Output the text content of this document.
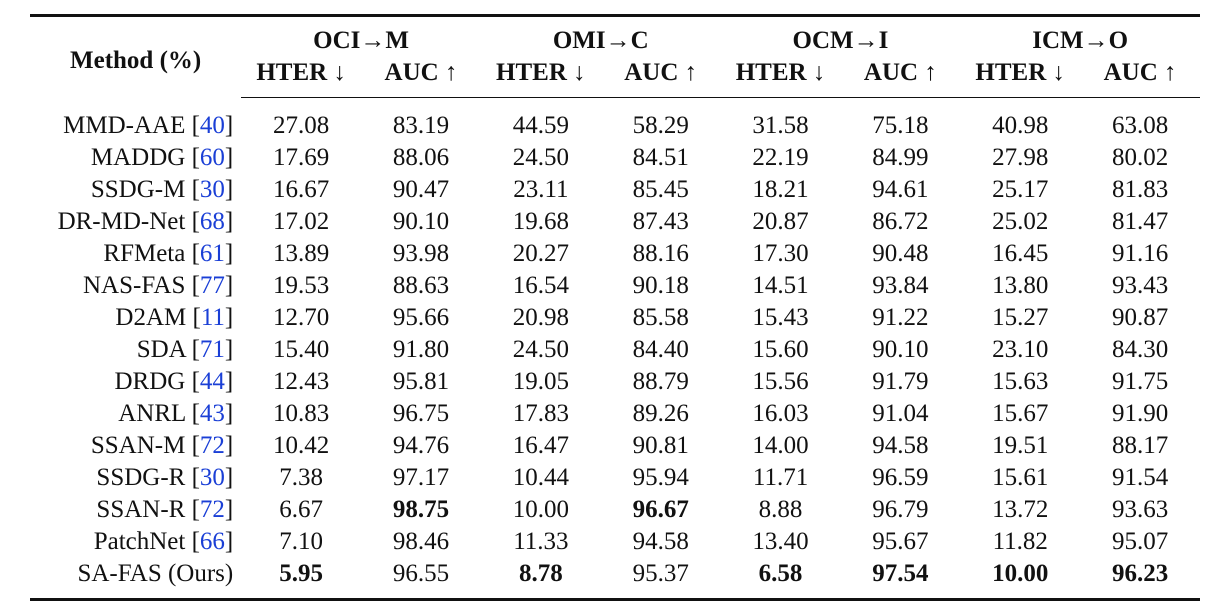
Method (%)	OCI→M		OMI→C		OCM→I		ICM→O	
	HTER ↓	AUC ↑	HTER ↓	AUC ↑	HTER ↓	AUC ↑	HTER ↓	AUC ↑
MMD-AAE [40]	27.08	83.19	44.59	58.29	31.58	75.18	40.98	63.08
MADDG [60]	17.69	88.06	24.50	84.51	22.19	84.99	27.98	80.02
SSDG-M [30]	16.67	90.47	23.11	85.45	18.21	94.61	25.17	81.83
DR-MD-Net [68]	17.02	90.10	19.68	87.43	20.87	86.72	25.02	81.47
RFMeta [61]	13.89	93.98	20.27	88.16	17.30	90.48	16.45	91.16
NAS-FAS [77]	19.53	88.63	16.54	90.18	14.51	93.84	13.80	93.43
D2AM [11]	12.70	95.66	20.98	85.58	15.43	91.22	15.27	90.87
SDA [71]	15.40	91.80	24.50	84.40	15.60	90.10	23.10	84.30
DRDG [44]	12.43	95.81	19.05	88.79	15.56	91.79	15.63	91.75
ANRL [43]	10.83	96.75	17.83	89.26	16.03	91.04	15.67	91.90
SSAN-M [72]	10.42	94.76	16.47	90.81	14.00	94.58	19.51	88.17
SSDG-R [30]	7.38	97.17	10.44	95.94	11.71	96.59	15.61	91.54
SSAN-R [72]	6.67	98.75	10.00	96.67	8.88	96.79	13.72	93.63
PatchNet [66]	7.10	98.46	11.33	94.58	13.40	95.67	11.82	95.07
SA-FAS (Ours)	5.95	96.55	8.78	95.37	6.58	97.54	10.00	96.23
